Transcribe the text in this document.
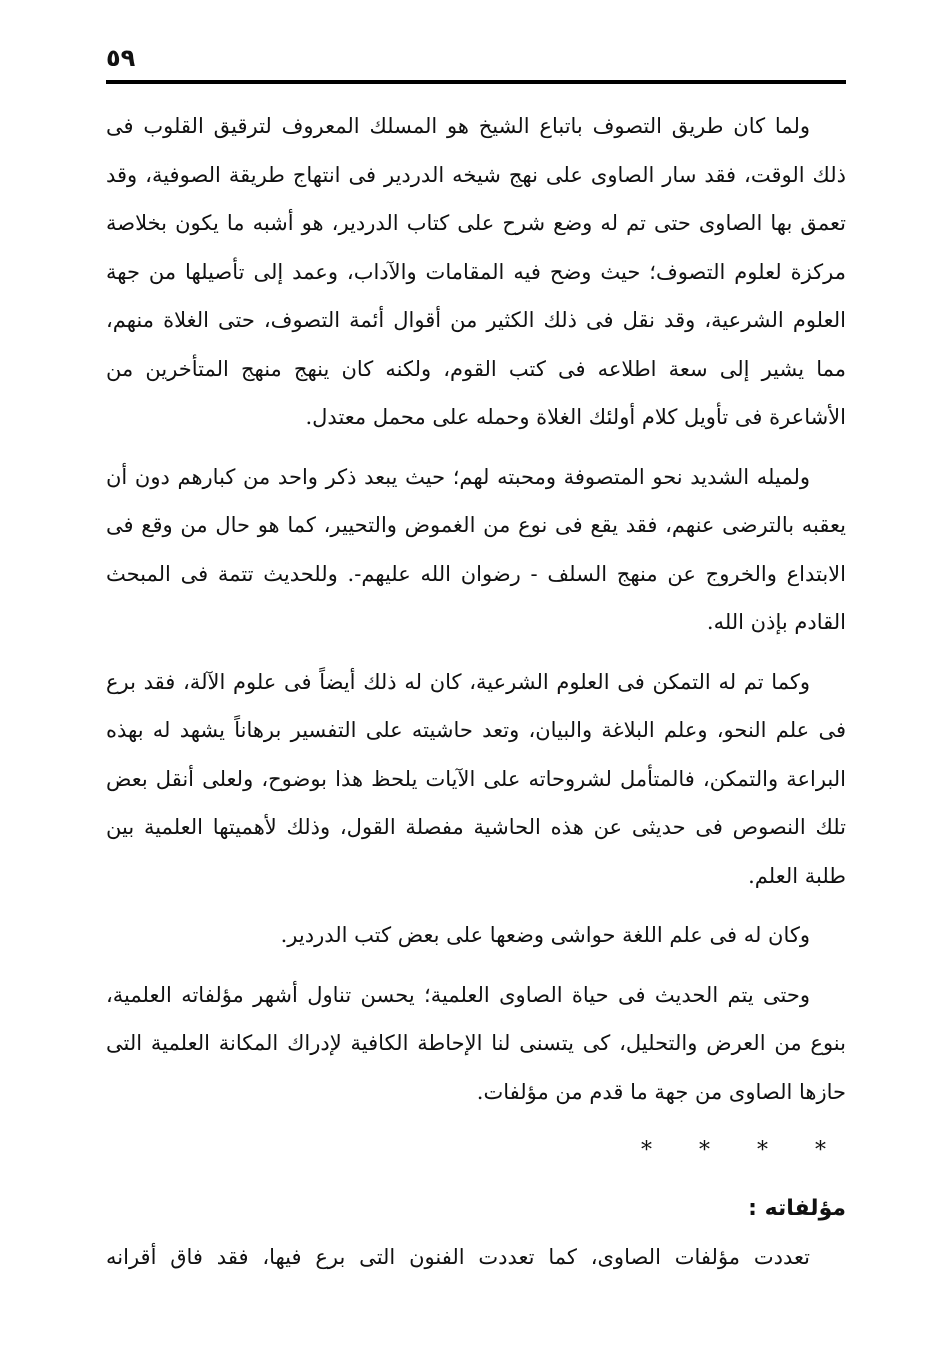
٥٩

ولما كان طريق التصوف باتباع الشيخ هو المسلك المعروف لترقيق القلوب فى ذلك الوقت، فقد سار الصاوى على نهج شيخه الدردير فى انتهاج طريقة الصوفية، وقد تعمق بها الصاوى حتى تم له وضع شرح على كتاب الدردير، هو أشبه ما يكون بخلاصة مركزة لعلوم التصوف؛ حيث وضح فيه المقامات والآداب، وعمد إلى تأصيلها من جهة العلوم الشرعية، وقد نقل فى ذلك الكثير من أقوال أئمة التصوف، حتى الغلاة منهم، مما يشير إلى سعة اطلاعه فى كتب القوم، ولكنه كان ينهج منهج المتأخرين من الأشاعرة فى تأويل كلام أولئك الغلاة وحمله على محمل معتدل.

ولميله الشديد نحو المتصوفة ومحبته لهم؛ حيث يبعد ذكر واحد من كبارهم دون أن يعقبه بالترضى عنهم، فقد يقع فى نوع من الغموض والتحيير، كما هو حال من وقع فى الابتداع والخروج عن منهج السلف - رضوان الله عليهم-. وللحديث تتمة فى المبحث القادم بإذن الله.

وكما تم له التمكن فى العلوم الشرعية، كان له ذلك أيضاً فى علوم الآلة، فقد برع فى علم النحو، وعلم البلاغة والبيان، وتعد حاشيته على التفسير برهاناً يشهد له بهذه البراعة والتمكن، فالمتأمل لشروحاته على الآيات يلحظ هذا بوضوح، ولعلى أنقل بعض تلك النصوص فى حديثى عن هذه الحاشية مفصلة القول، وذلك لأهميتها العلمية بين طلبة العلم.

وكان له فى علم اللغة حواشى وضعها على بعض كتب الدردير.

وحتى يتم الحديث فى حياة الصاوى العلمية؛ يحسن تناول أشهر مؤلفاته العلمية، بنوع من العرض والتحليل، كى يتسنى لنا الإحاطة الكافية لإدراك المكانة العلمية التى حازها الصاوى من جهة ما قدم من مؤلفات.

* * * *
مؤلفاته :

تعددت مؤلفات الصاوى، كما تعددت الفنون التى برع فيها، فقد فاق أقرانه
